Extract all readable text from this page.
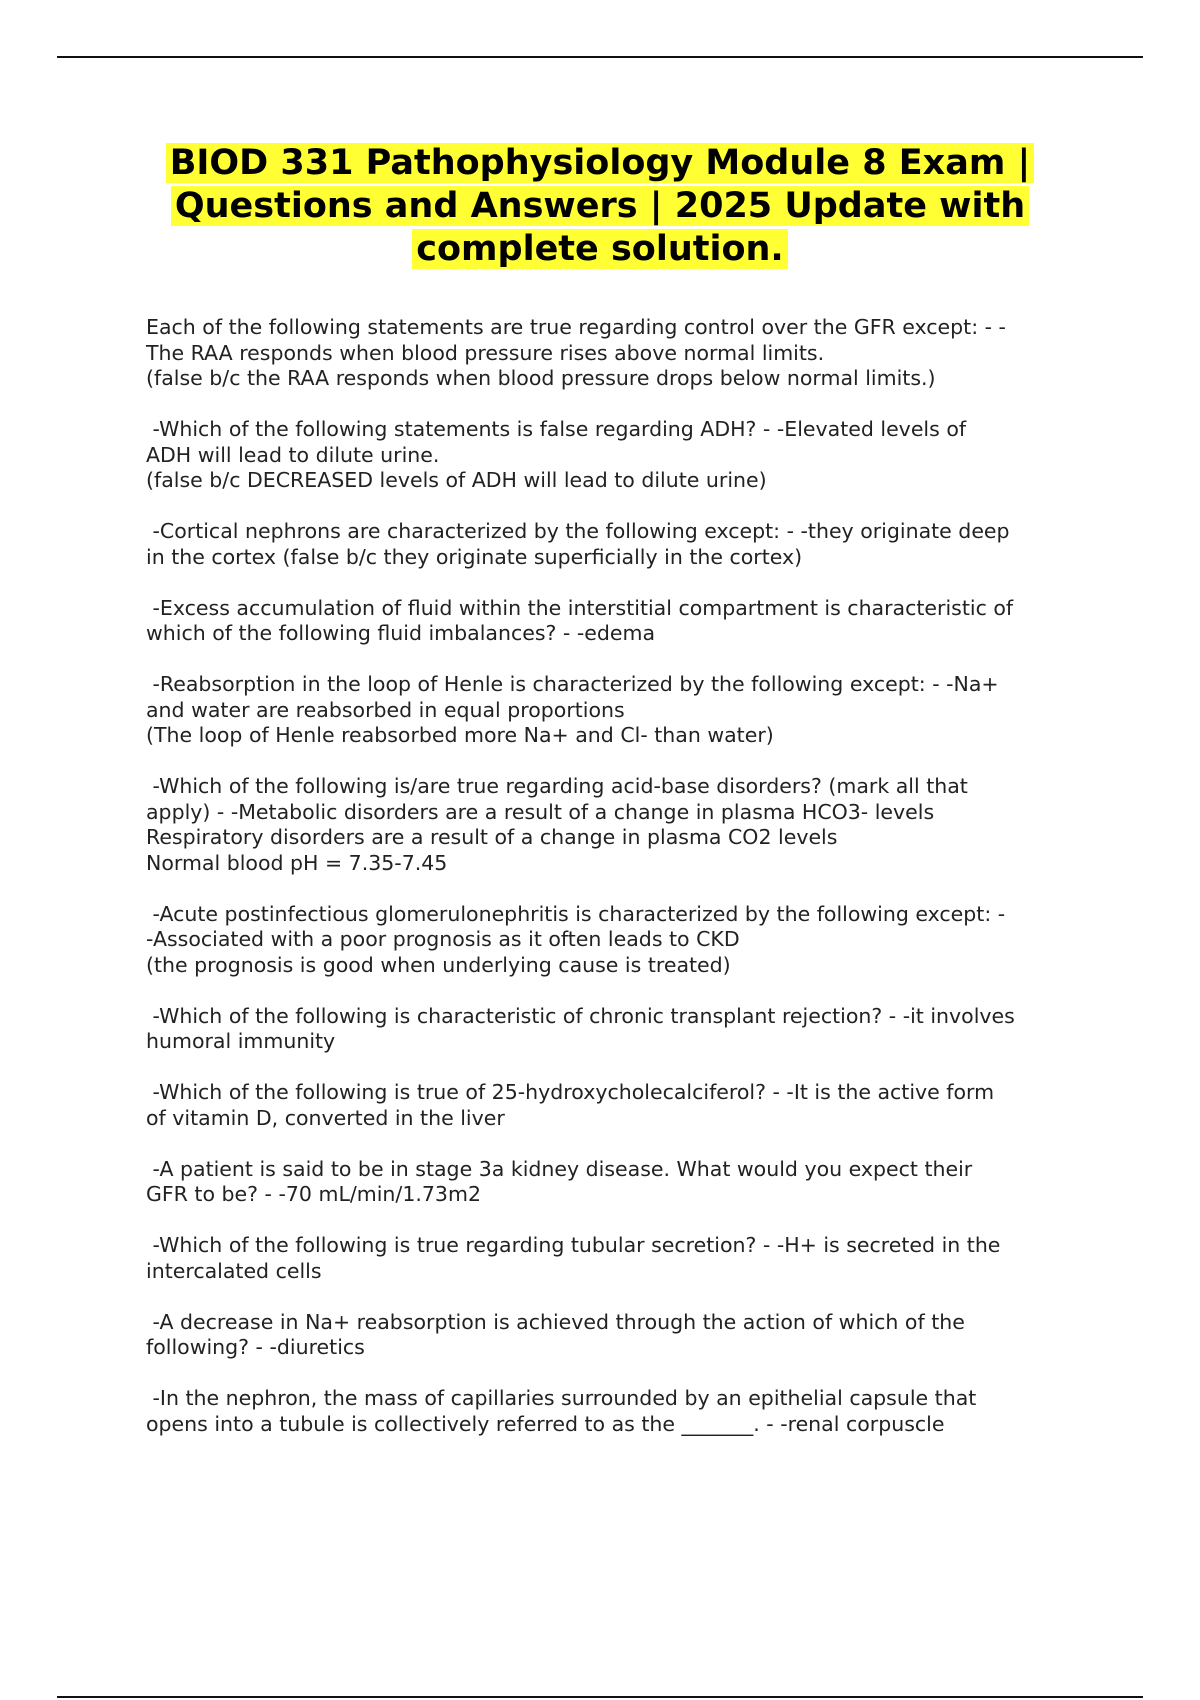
BIOD 331 Pathophysiology Module 8 Exam |
Questions and Answers | 2025 Update with
complete solution.

Each of the following statements are true regarding control over the GFR except: - -
The RAA responds when blood pressure rises above normal limits.
(false b/c the RAA responds when blood pressure drops below normal limits.)

-Which of the following statements is false regarding ADH? - -Elevated levels of
ADH will lead to dilute urine.
(false b/c DECREASED levels of ADH will lead to dilute urine)

-Cortical nephrons are characterized by the following except: - -they originate deep
in the cortex (false b/c they originate superficially in the cortex)

-Excess accumulation of fluid within the interstitial compartment is characteristic of
which of the following fluid imbalances? - -edema

-Reabsorption in the loop of Henle is characterized by the following except: - -Na+
and water are reabsorbed in equal proportions
(The loop of Henle reabsorbed more Na+ and Cl- than water)

-Which of the following is/are true regarding acid-base disorders? (mark all that
apply) - -Metabolic disorders are a result of a change in plasma HCO3- levels
Respiratory disorders are a result of a change in plasma CO2 levels
Normal blood pH = 7.35-7.45

-Acute postinfectious glomerulonephritis is characterized by the following except: -
-Associated with a poor prognosis as it often leads to CKD
(the prognosis is good when underlying cause is treated)

-Which of the following is characteristic of chronic transplant rejection? - -it involves
humoral immunity

-Which of the following is true of 25-hydroxycholecalciferol? - -It is the active form
of vitamin D, converted in the liver

-A patient is said to be in stage 3a kidney disease. What would you expect their
GFR to be? - -70 mL/min/1.73m2

-Which of the following is true regarding tubular secretion? - -H+ is secreted in the
intercalated cells

-A decrease in Na+ reabsorption is achieved through the action of which of the
following? - -diuretics

-In the nephron, the mass of capillaries surrounded by an epithelial capsule that
opens into a tubule is collectively referred to as the _______. - -renal corpuscle
